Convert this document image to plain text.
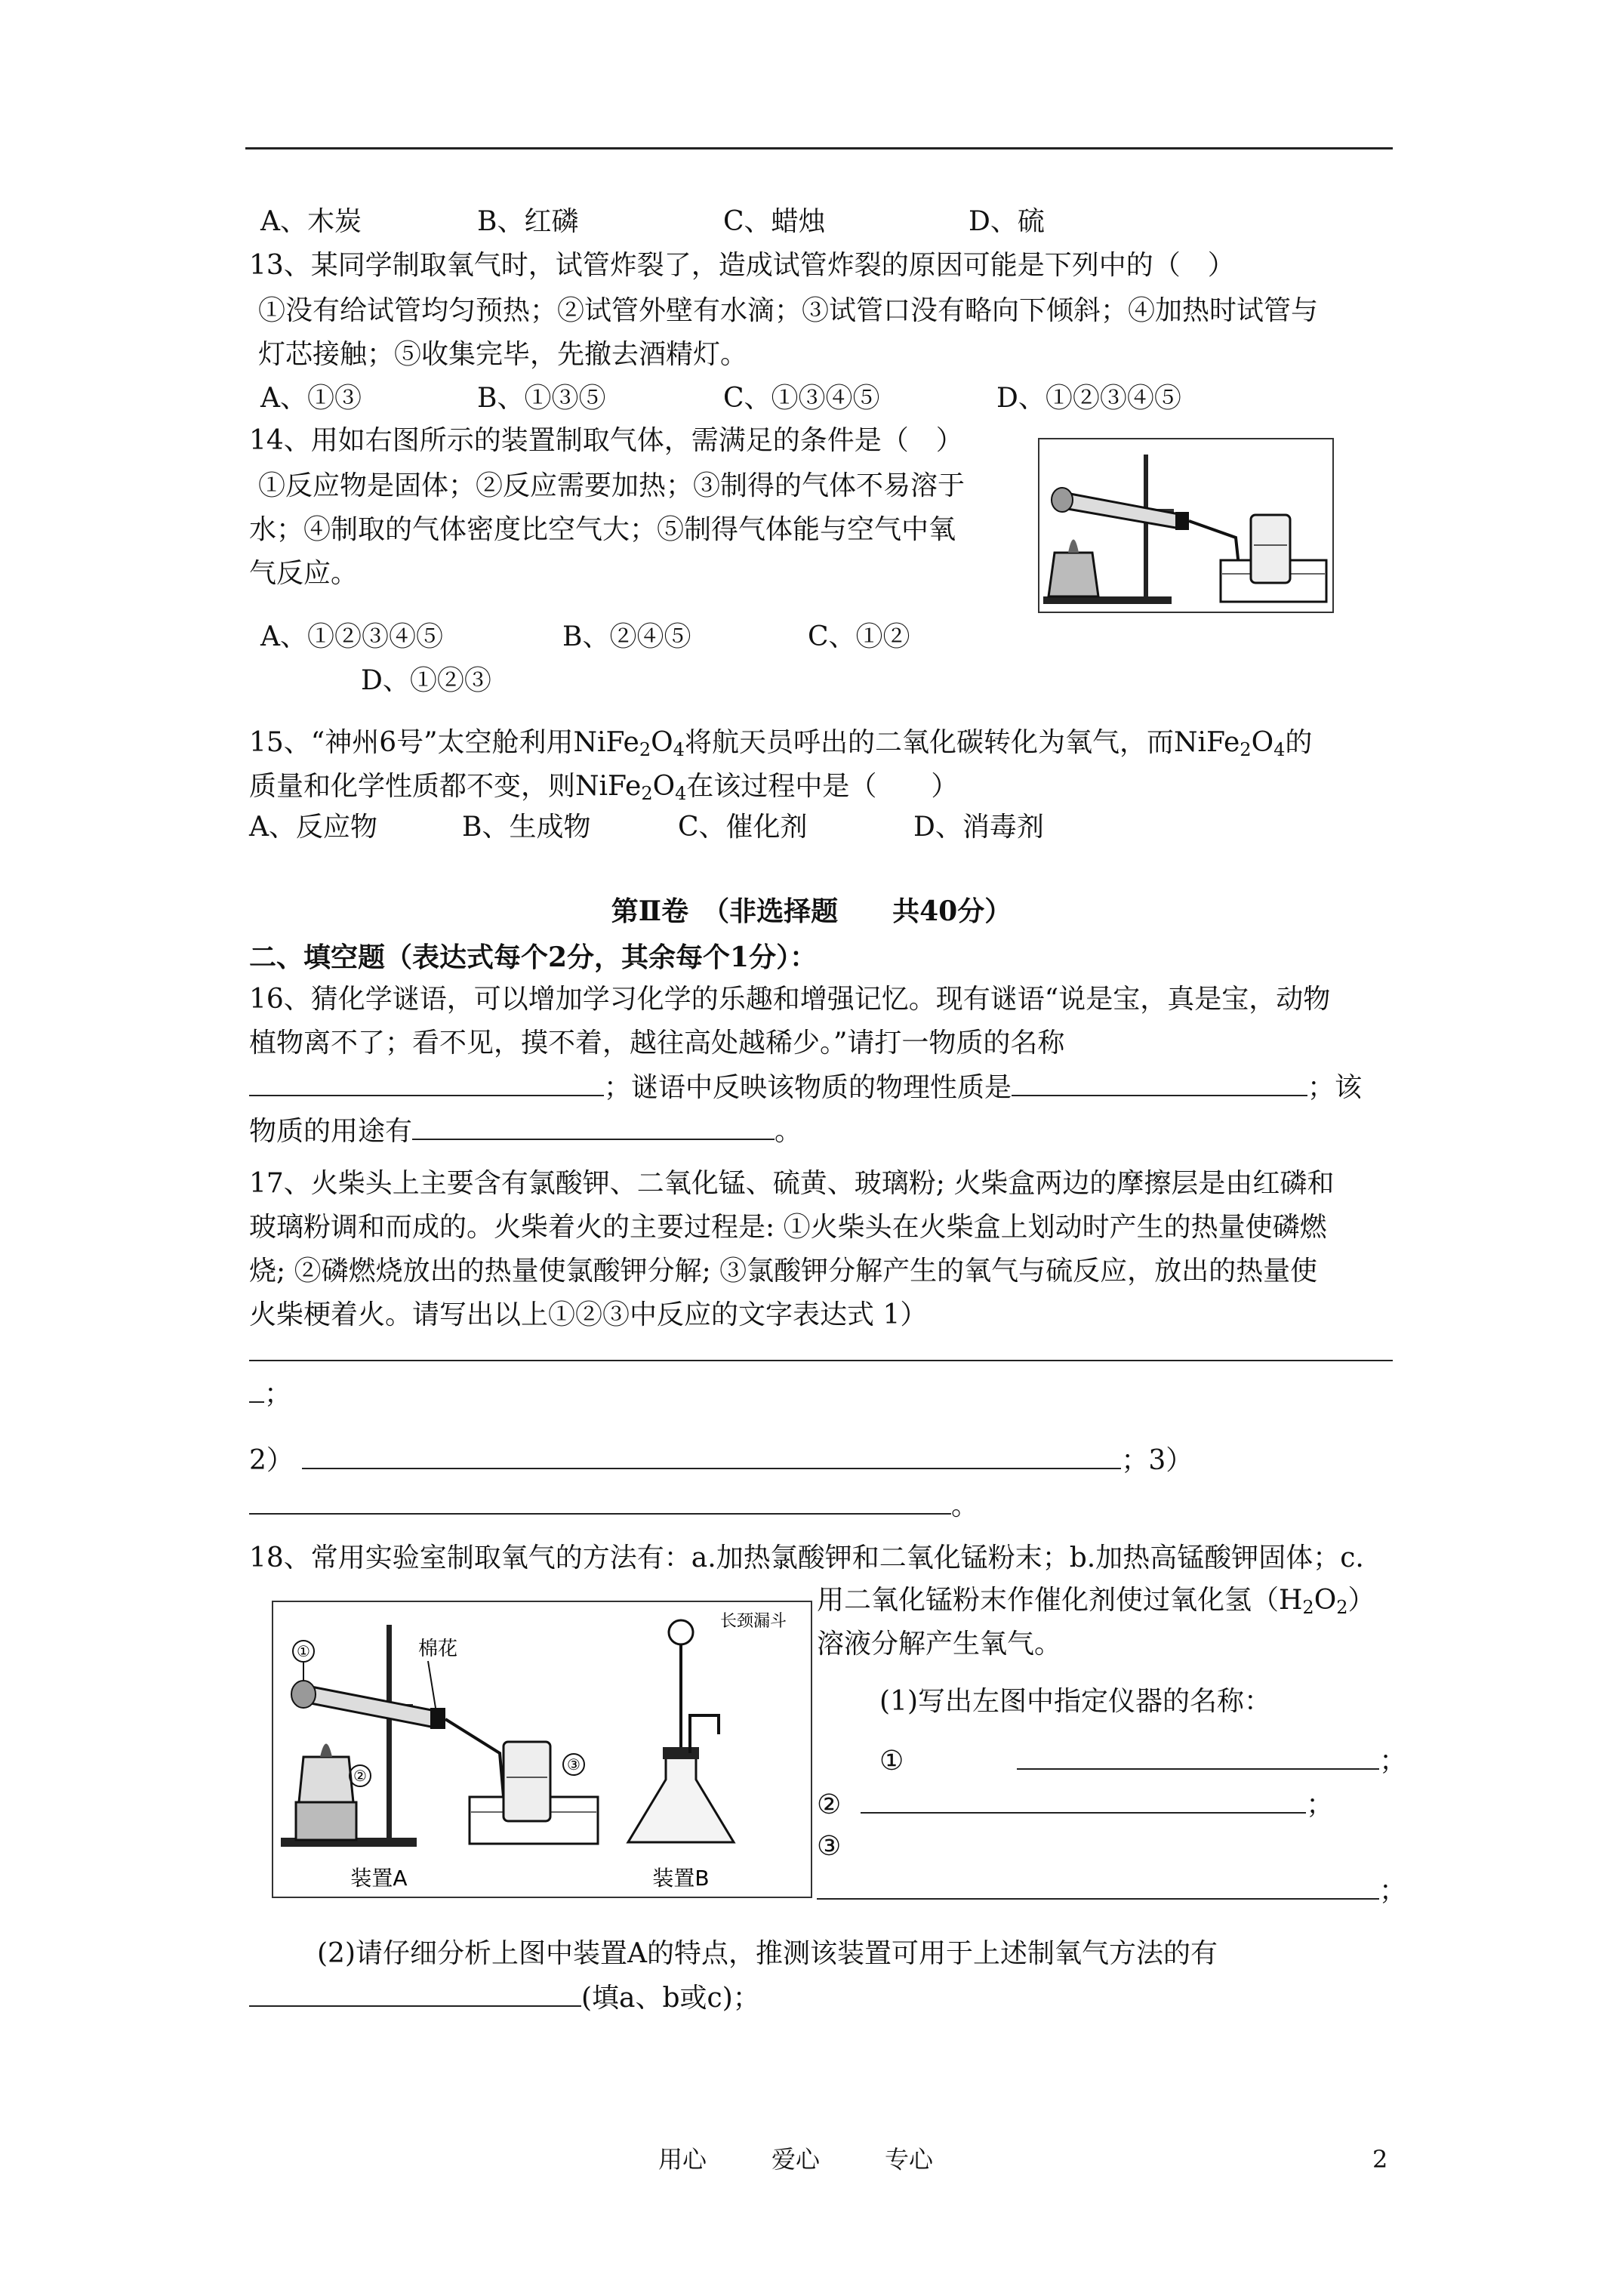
A、木炭	B、红磷	C、蜡烛	D、硫
13、某同学制取氧气时，试管炸裂了，造成试管炸裂的原因可能是下列中的（　）
①没有给试管均匀预热；②试管外壁有水滴；③试管口没有略向下倾斜；④加热时试管与
灯芯接触；⑤收集完毕，先撤去酒精灯。
A、①③	B、①③⑤	C、①③④⑤	D、①②③④⑤
14、用如右图所示的装置制取气体，需满足的条件是（　）
①反应物是固体；②反应需要加热；③制得的气体不易溶于
水；④制取的气体密度比空气大；⑤制得气体能与空气中氧
气反应。
A、①②③④⑤	B、②④⑤	C、①②
D、①②③
15、“神州6号”太空舱利用$NiFe_2O_4$将航天员呼出的二氧化碳转化为氧气，而$NiFe_2O_4$的
质量和化学性质都不变，则$NiFe_2O_4$在该过程中是（　　）
A、反应物	B、生成物	C、催化剂	D、消毒剂
第Ⅱ卷　（非选择题　　共40分）
二、填空题（表达式每个2分，其余每个1分）：
16、猜化学谜语，可以增加学习化学的乐趣和增强记忆。现有谜语“说是宝，真是宝，动物
植物离不了；看不见，摸不着，越往高处越稀少。”请打一物质的名称
；谜语中反映该物质的物理性质是	；该
物质的用途有	。
17、火柴头上主要含有氯酸钾、二氧化锰、硫黄、玻璃粉; 火柴盒两边的摩擦层是由红磷和
玻璃粉调和而成的。火柴着火的主要过程是: ①火柴头在火柴盒上划动时产生的热量使磷燃
烧; ②磷燃烧放出的热量使氯酸钾分解; ③氯酸钾分解产生的氧气与硫反应，放出的热量使
火柴梗着火。请写出以上①②③中反应的文字表达式 1）
；
2）	；3）
。
18、常用实验室制取氧气的方法有：a.加热氯酸钾和二氧化锰粉末；b.加热高锰酸钾固体；c.
用二氧化锰粉末作催化剂使过氧化氢$(H_2O_2)$
溶液分解产生氧气。
①
②
③
棉花
装置A
长颈漏斗
装置B
(1)写出左图中指定仪器的名称：
①	；
②	；
③
；
(2)请仔细分析上图中装置A的特点，推测该装置可用于上述制氧气方法的有
(填a、b或c)；
用心	爱心	专心	2
